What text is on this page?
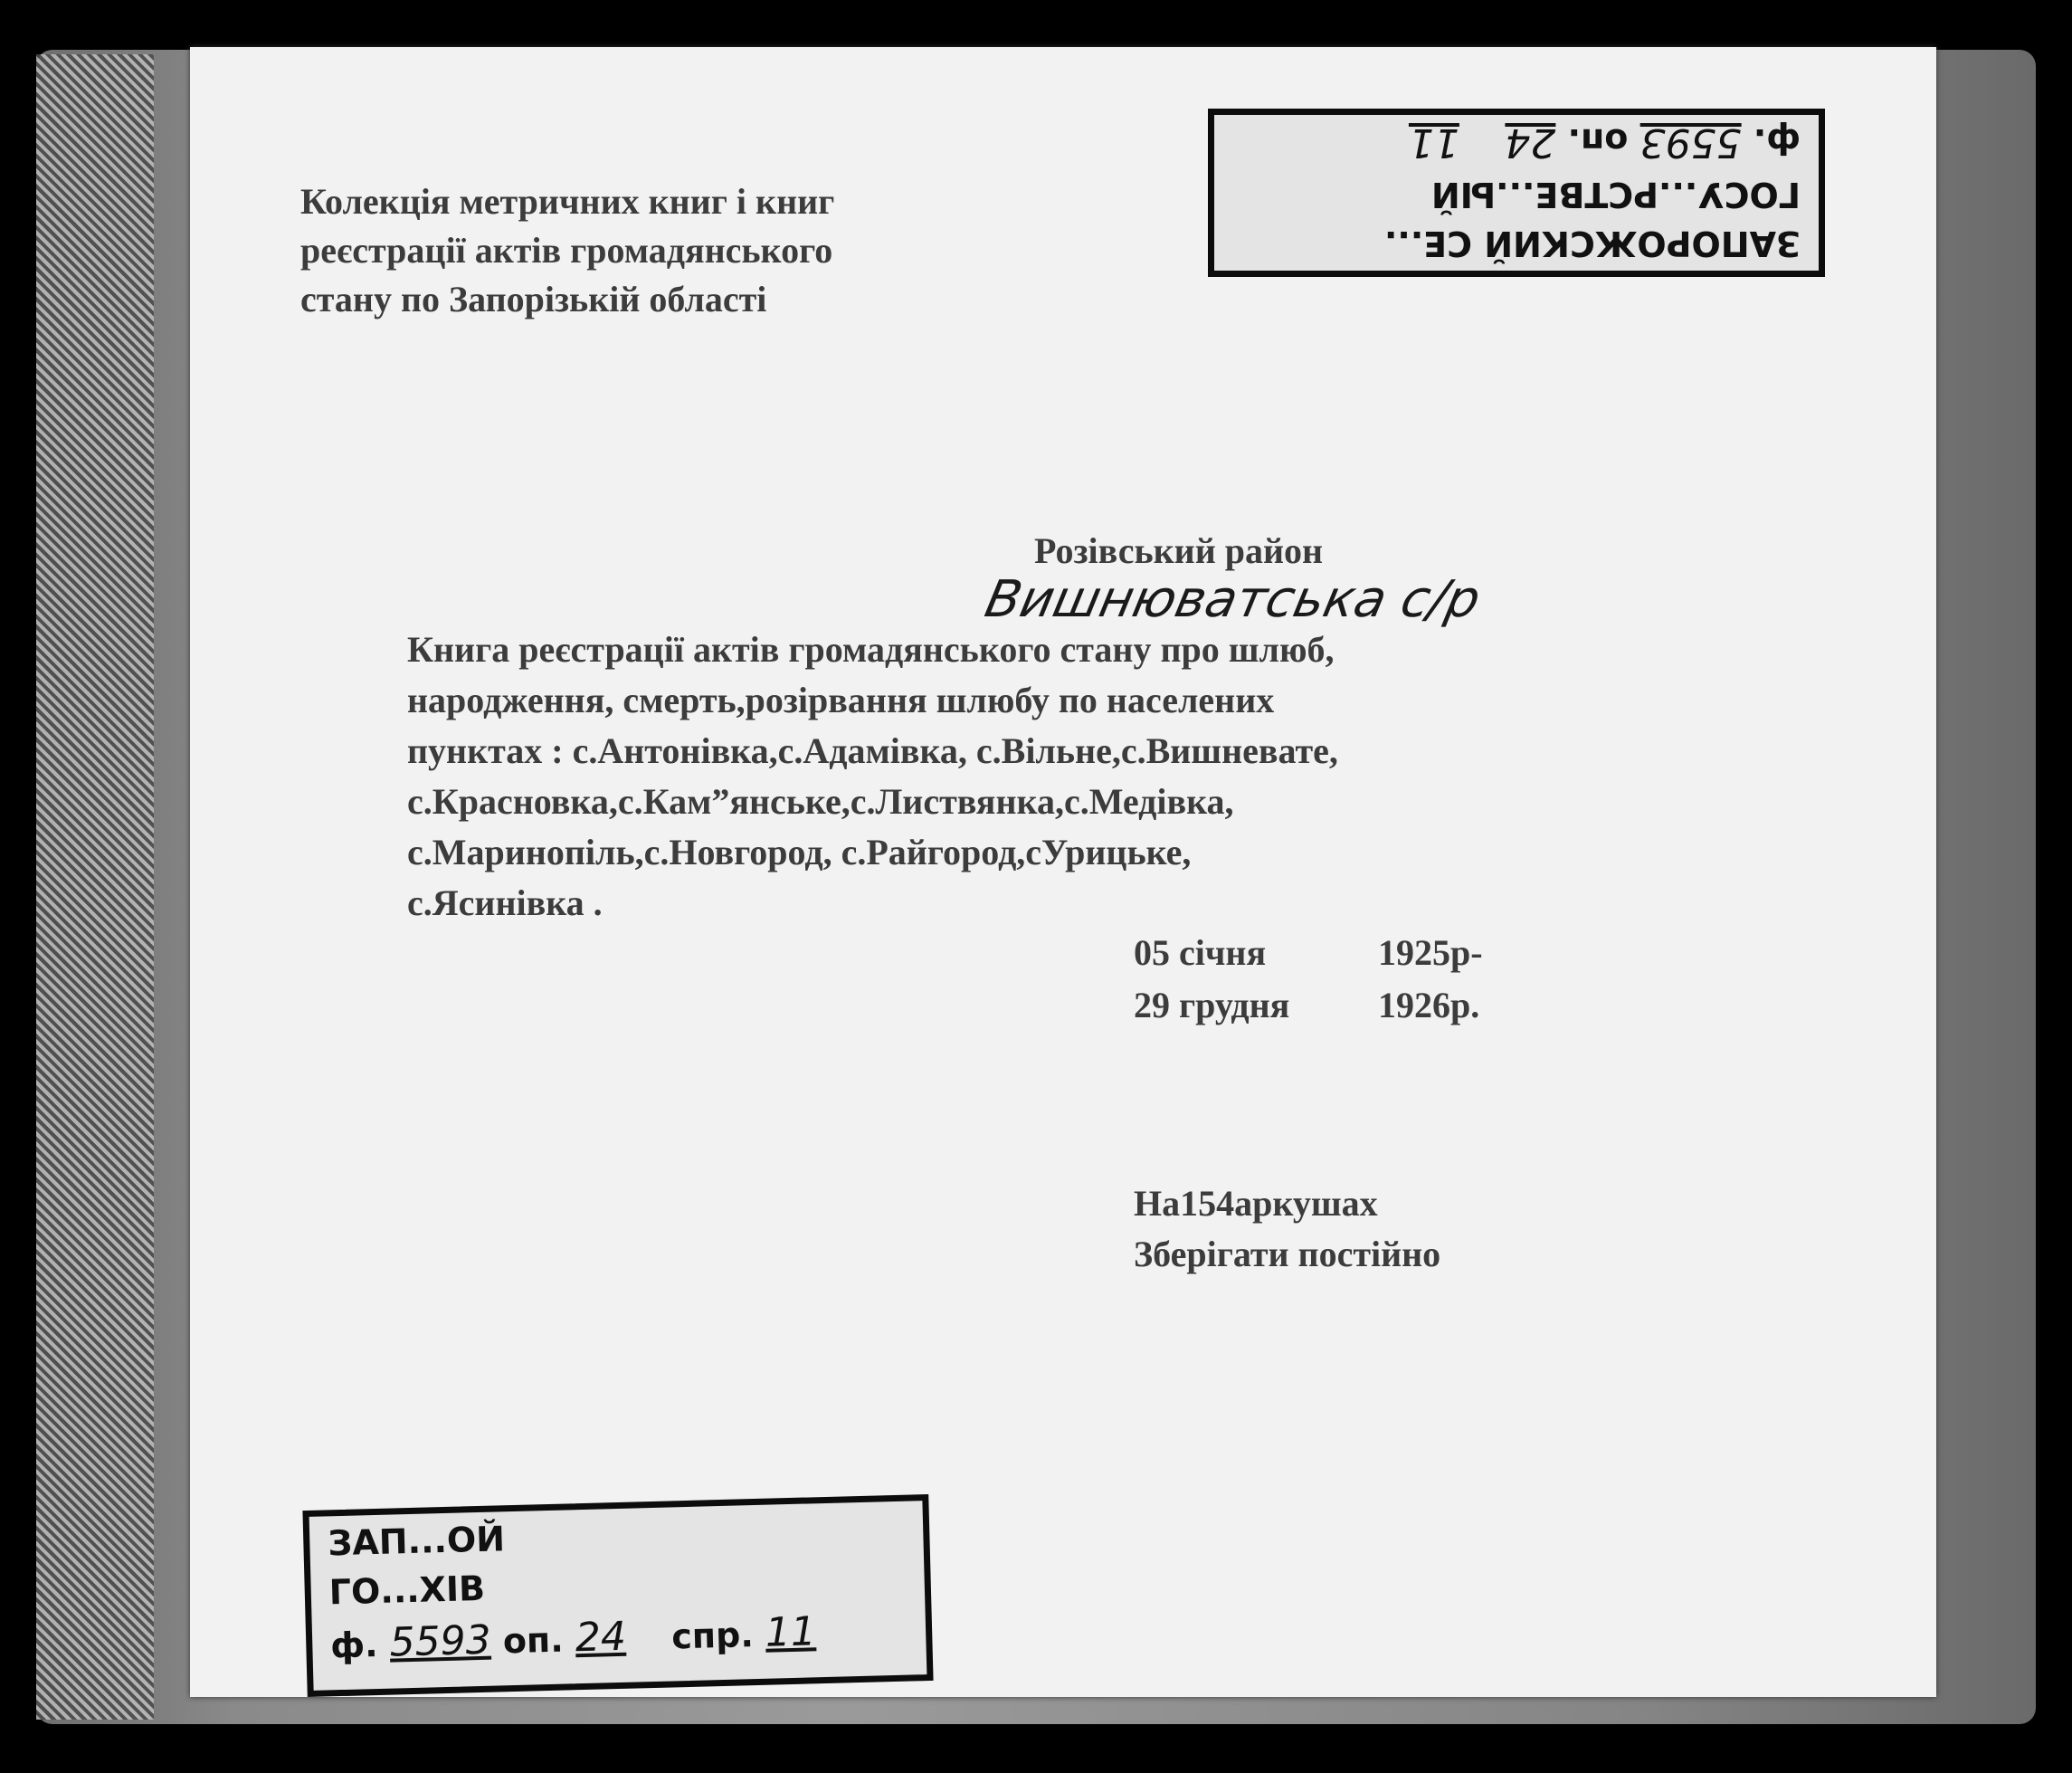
Колекція метричних книг і книг
реєстрації актів громадянського
стану по Запорізькій області

ЗАПОРОЖСКИЙ СЕ...
ГОСУ...РСТВЕ...ЫЙ
ф. 5593 оп. 24  11

Розівський район

Вишнюватська с/р

Книга реєстрації актів громадянського стану про шлюб,
народження, смерть,розірвання шлюбу по населених
пунктах : с.Антонівка,с.Адамівка, с.Вільне,с.Вишневате,
с.Красновка,с.Кам”янське,с.Листвянка,с.Медівка,
с.Маринопіль,с.Новгород, с.Райгород,сУрицьке,
с.Ясинівка .

05 січня	1925р-
29 грудня 1926р.
На154аркушах
Зберігати постійно
ЗАП...ОЙ
ГО...ХІВ
ф. 5593 оп. 24 спр. 11
